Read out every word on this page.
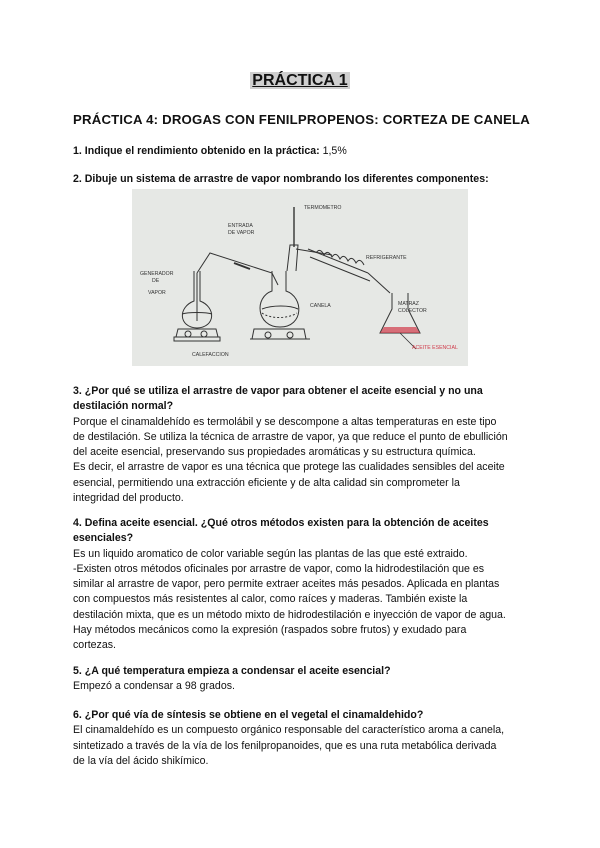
PRÁCTICA 1
PRÁCTICA 4: DROGAS CON FENILPROPENOS: CORTEZA DE CANELA
1. Indique el rendimiento obtenido en la práctica: 1,5%
2. Dibuje un sistema de arrastre de vapor nombrando los diferentes componentes:
TERMOMETRO
ENTRADA
DE VAPOR
GENERADOR
DE
VAPOR
REFRIGERANTE
CANELA	MATRAZ
COLECTOR
ACEITE ESENCIAL
CALEFACCION
3. ¿Por qué se utiliza el arrastre de vapor para obtener el aceite esencial y no una destilación normal?
Porque el cinamaldehído es termolábil y se descompone a altas temperaturas en este tipo
de destilación. Se utiliza la técnica de arrastre de vapor, ya que reduce el punto de ebullición
del aceite esencial, preservando sus propiedades aromáticas y su estructura química.
Es decir, el arrastre de vapor es una técnica que protege las cualidades sensibles del aceite
esencial, permitiendo una extracción eficiente y de alta calidad sin comprometer la
integridad del producto.
4. Defina aceite esencial. ¿Qué otros métodos existen para la obtención de aceites esenciales?
Es un liquido aromatico de color variable según las plantas de las que esté extraido.
-Existen otros métodos oficinales por arrastre de vapor, como la hidrodestilación que es
similar al arrastre de vapor, pero permite extraer aceites más pesados. Aplicada en plantas
con compuestos más resistentes al calor, como raíces y maderas. También existe la
destilación mixta, que es un método mixto de hidrodestilación e inyección de vapor de agua.
Hay métodos mecánicos como la expresión (raspados sobre frutos) y exudado para
cortezas.
5. ¿A qué temperatura empieza a condensar el aceite esencial?
Empezó a condensar a 98 grados.
6. ¿Por qué vía de síntesis se obtiene en el vegetal el cinamaldehido?
El cinamaldehído es un compuesto orgánico responsable del característico aroma a canela,
sintetizado a través de la vía de los fenilpropanoides, que es una ruta metabólica derivada
de la vía del ácido shikímico.
